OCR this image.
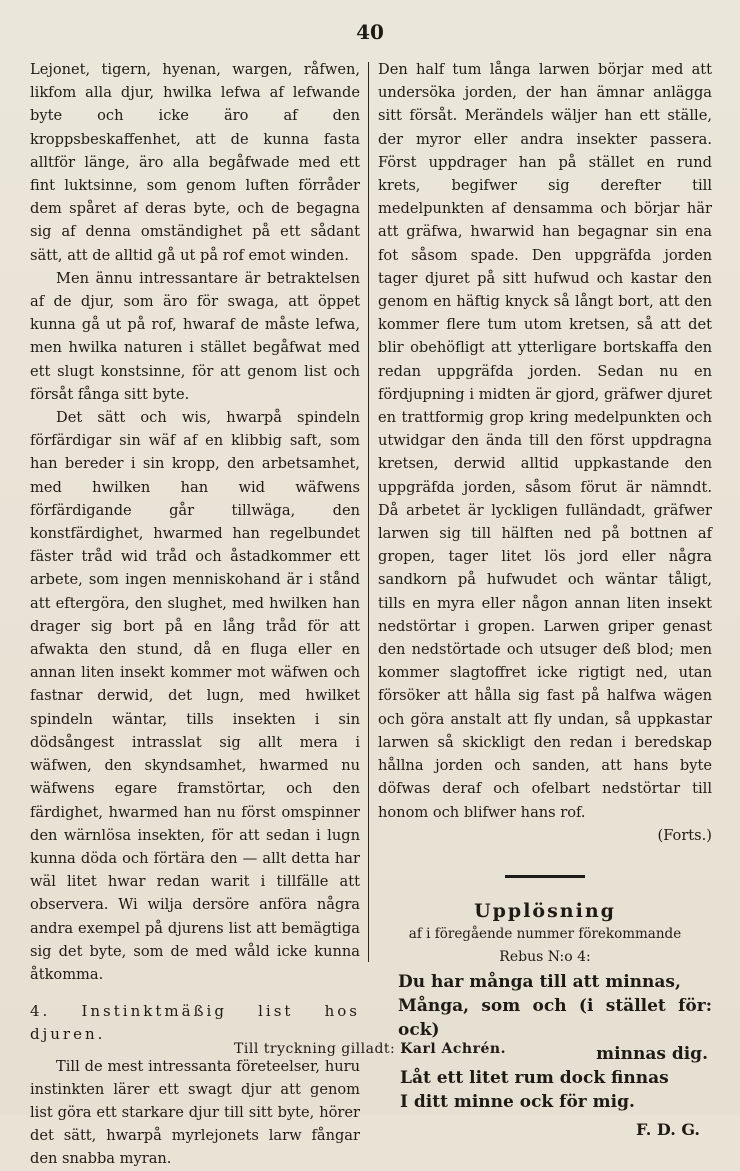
40

Lejonet, tigern, hyenan, wargen, råfwen, likfom alla djur, hwilka lefwa af lefwande byte och icke äro af den kroppsbeskaffenhet, att de kunna fasta alltför länge, äro alla begåfwade med ett fint luktsinne, som genom luften förråder dem spåret af deras byte, och de begagna sig af denna omständighet på ett sådant sätt, att de alltid gå ut på rof emot winden.

Men ännu intressantare är betraktelsen af de djur, som äro för swaga, att öppet kunna gå ut på rof, hwaraf de måste lefwa, men hwilka naturen i stället begåfwat med ett slugt konstsinne, för att genom list och försåt fånga sitt byte.

Det sätt och wis, hwarpå spindeln förfärdigar sin wäf af en klibbig saft, som han bereder i sin kropp, den arbetsamhet, med hwilken han wid wäfwens förfärdigande går tillwäga, den konstfärdighet, hwarmed han regelbundet fäster tråd wid tråd och åstadkommer ett arbete, som ingen menniskohand är i stånd att eftergöra, den slughet, med hwilken han drager sig bort på en lång tråd för att afwakta den stund, då en fluga eller en annan liten insekt kommer mot wäfwen och fastnar derwid, det lugn, med hwilket spindeln wäntar, tills insekten i sin dödsångest intrasslat sig allt mera i wäfwen, den skyndsamhet, hwarmed nu wäfwens egare framstörtar, och den färdighet, hwarmed han nu först omspinner den wärnlösa insekten, för att sedan i lugn kunna döda och förtära den — allt detta har wäl litet hwar redan warit i tillfälle att observera. Wi wilja dersöre anföra några andra exempel på djurens list att bemägtiga sig det byte, som de med wåld icke kunna åtkomma.

4. Instinktmäßig list hos djuren.

Till de mest intressanta företeelser, huru instinkten lärer ett swagt djur att genom list göra ett starkare djur till sitt byte, hörer det sätt, hwarpå myrlejonets larw fångar den snabba myran.

Den half tum långa larwen börjar med att undersöka jorden, der han ämnar anlägga sitt försåt. Merändels wäljer han ett ställe, der myror eller andra insekter passera. Först uppdrager han på stället en rund krets, begifwer sig derefter till medelpunkten af densamma och börjar här att gräfwa, hwarwid han begagnar sin ena fot såsom spade. Den uppgräfda jorden tager djuret på sitt hufwud och kastar den genom en häftig knyck så långt bort, att den kommer flere tum utom kretsen, så att det blir obehöfligt att ytterligare bortskaffa den redan uppgräfda jorden. Sedan nu en fördjupning i midten är gjord, gräfwer djuret en trattformig grop kring medelpunkten och utwidgar den ända till den först uppdragna kretsen, derwid alltid uppkastande den uppgräfda jorden, såsom förut är nämndt. Då arbetet är lyckligen fulländadt, gräfwer larwen sig till hälften ned på bottnen af gropen, tager litet lös jord eller några sandkorn på hufwudet och wäntar tåligt, tills en myra eller någon annan liten insekt nedstörtar i gropen. Larwen griper genast den nedstörtade och utsuger deß blod; men kommer slagtoffret icke rigtigt ned, utan försöker att hålla sig fast på halfwa wägen och göra anstalt att fly undan, så uppkastar larwen så skickligt den redan i beredskap hållna jorden och sanden, att hans byte döfwas deraf och ofelbart nedstörtar till honom och blifwer hans rof.

(Forts.)

Upplösning

af i föregående nummer förekommande

Rebus N:o 4:

Du har många till att minnas,

Många, som och (i stället för: ock)

minnas dig.

Låt ett litet rum dock finnas

I ditt minne ock för mig.

F. D. G.

Till tryckning gilladt: Karl Achrén.
